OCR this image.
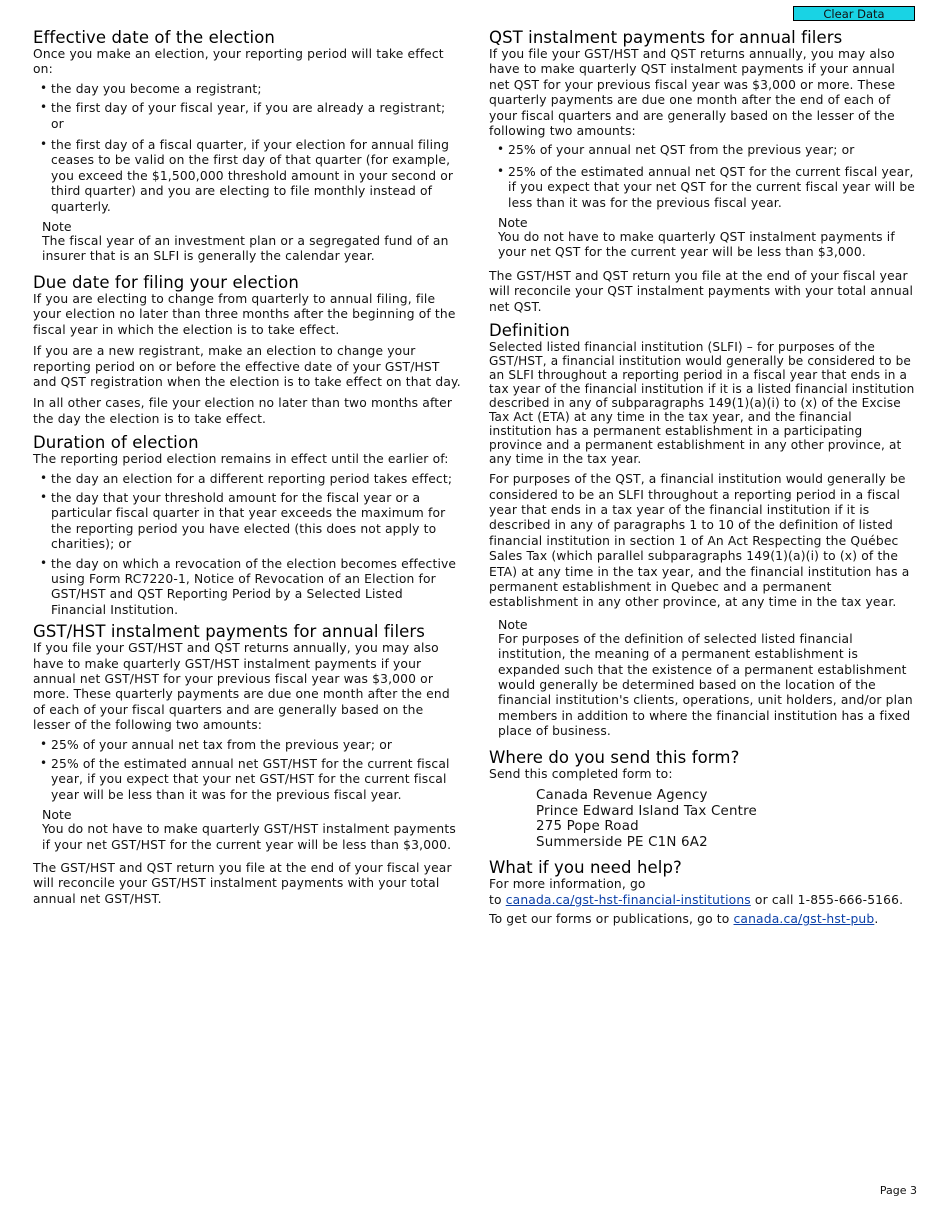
Clear Data
Effective date of the election

Once you make an election, your reporting period will take effect on:

• the day you become a registrant;
• the first day of your fiscal year, if you are already a registrant; or
• the first day of a fiscal quarter, if your election for annual filing ceases to be valid on the first day of that quarter (for example, you exceed the $1,500,000 threshold amount in your second or third quarter) and you are electing to file monthly instead of quarterly.
Note

The fiscal year of an investment plan or a segregated fund of an insurer that is an SLFI is generally the calendar year.

Due date for filing your election

If you are electing to change from quarterly to annual filing, file your election no later than three months after the beginning of the fiscal year in which the election is to take effect.

If you are a new registrant, make an election to change your reporting period on or before the effective date of your GST/HST and QST registration when the election is to take effect on that day.

In all other cases, file your election no later than two months after the day the election is to take effect.

Duration of election

The reporting period election remains in effect until the earlier of:

• the day an election for a different reporting period takes effect;
• the day that your threshold amount for the fiscal year or a particular fiscal quarter in that year exceeds the maximum for the reporting period you have elected (this does not apply to charities); or
• the day on which a revocation of the election becomes effective using Form RC7220-1, Notice of Revocation of an Election for GST/HST and QST Reporting Period by a Selected Listed Financial Institution.
GST/HST instalment payments for annual filers

If you file your GST/HST and QST returns annually, you may also have to make quarterly GST/HST instalment payments if your annual net GST/HST for your previous fiscal year was $3,000 or more. These quarterly payments are due one month after the end of each of your fiscal quarters and are generally based on the lesser of the following two amounts:

• 25% of your annual net tax from the previous year; or
• 25% of the estimated annual net GST/HST for the current fiscal year, if you expect that your net GST/HST for the current fiscal year will be less than it was for the previous fiscal year.
Note

You do not have to make quarterly GST/HST instalment payments if your net GST/HST for the current year will be less than $3,000.

The GST/HST and QST return you file at the end of your fiscal year will reconcile your GST/HST instalment payments with your total annual net GST/HST.

QST instalment payments for annual filers

If you file your GST/HST and QST returns annually, you may also have to make quarterly QST instalment payments if your annual net QST for your previous fiscal year was $3,000 or more. These quarterly payments are due one month after the end of each of your fiscal quarters and are generally based on the lesser of the following two amounts:

• 25% of your annual net QST from the previous year; or
• 25% of the estimated annual net QST for the current fiscal year, if you expect that your net QST for the current fiscal year will be less than it was for the previous fiscal year.
Note

You do not have to make quarterly QST instalment payments if your net QST for the current year will be less than $3,000.

The GST/HST and QST return you file at the end of your fiscal year will reconcile your QST instalment payments with your total annual net QST.

Definition

Selected listed financial institution (SLFI) – for purposes of the GST/HST, a financial institution would generally be considered to be an SLFI throughout a reporting period in a fiscal year that ends in a tax year of the financial institution if it is a listed financial institution described in any of subparagraphs 149(1)(a)(i) to (x) of the Excise Tax Act (ETA) at any time in the tax year, and the financial institution has a permanent establishment in a participating province and a permanent establishment in any other province, at any time in the tax year.

For purposes of the QST, a financial institution would generally be considered to be an SLFI throughout a reporting period in a fiscal year that ends in a tax year of the financial institution if it is described in any of paragraphs 1 to 10 of the definition of listed financial institution in section 1 of An Act Respecting the Québec Sales Tax (which parallel subparagraphs 149(1)(a)(i) to (x) of the ETA) at any time in the tax year, and the financial institution has a permanent establishment in Quebec and a permanent establishment in any other province, at any time in the tax year.

Note

For purposes of the definition of selected listed financial institution, the meaning of a permanent establishment is expanded such that the existence of a permanent establishment would generally be determined based on the location of the financial institution's clients, operations, unit holders, and/or plan members in addition to where the financial institution has a fixed place of business.

Where do you send this form?

Send this completed form to:

Canada Revenue Agency
Prince Edward Island Tax Centre
275 Pope Road
Summerside PE C1N 6A2
What if you need help?

For more information, go
to canada.ca/gst-hst-financial-institutions or call 1-855-666-5166.

To get our forms or publications, go to canada.ca/gst-hst-pub.

Page 3
